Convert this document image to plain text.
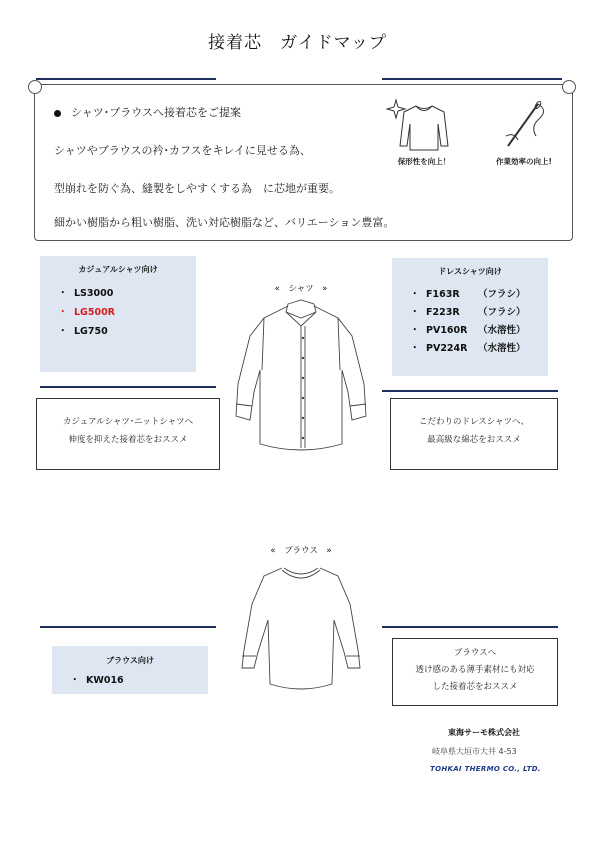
接着芯　ガイドマップ
シャツ･ブラウスへ接着芯をご提案
シャツやブラウスの衿･カフスをキレイに見せる為、
型崩れを防ぐ為、縫製をしやすくする為　に芯地が重要。
細かい樹脂から粗い樹脂、洗い対応樹脂など、バリエーション豊富。
保形性を向上！	作業効率の向上!
カジュアルシャツ向け
・ LS3000
・ LG500R
・ LG750
ドレスシャツ向け
・ F163R （フラシ）
・ F223R （フラシ）
・ PV160R （水溶性）
・ PV224R （水溶性）
«　シャツ　»
カジュアルシャツ･ニットシャツへ
伸度を抑えた接着芯をおススメ
こだわりのドレスシャツへ、
最高級な綿芯をおススメ
«　ブラウス　»
ブラウス向け
・ KW016
ブラウスへ
透け感のある薄手素材にも対応
した接着芯をおススメ
東海サーモ株式会社
岐阜県大垣市大井 4-53
TOHKAI THERMO CO., LTD.
